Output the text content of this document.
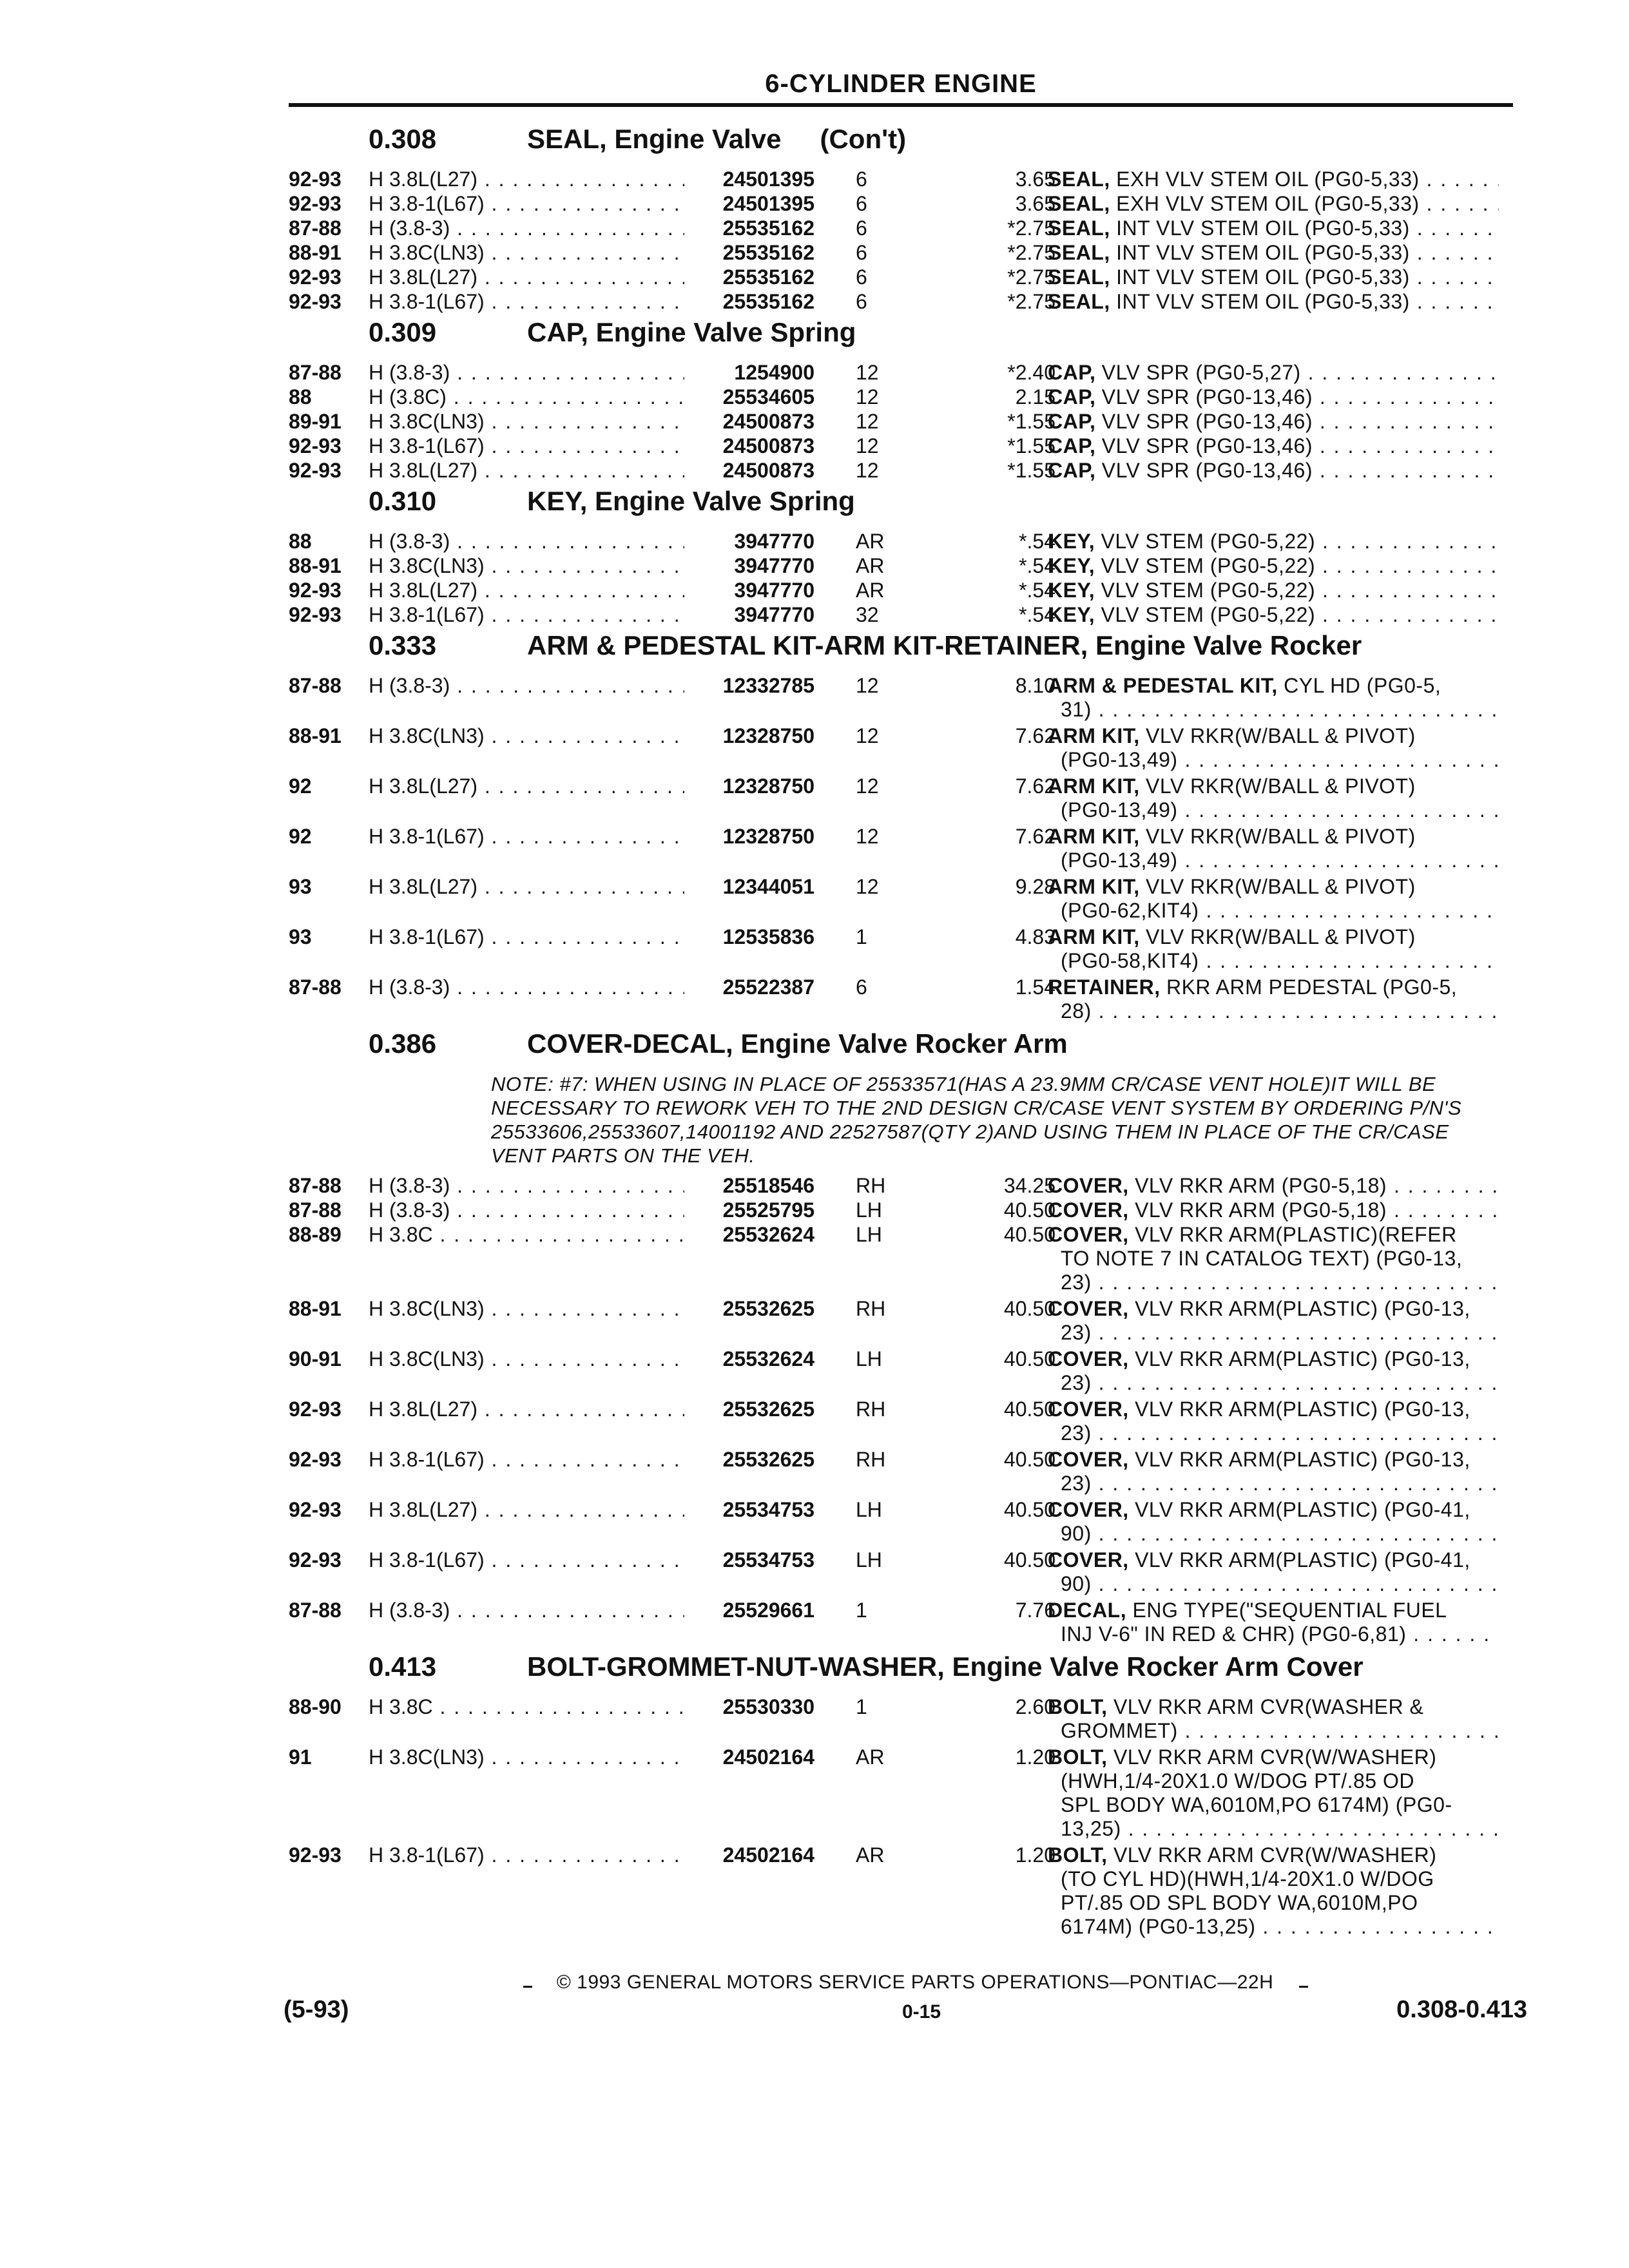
6-CYLINDER ENGINE
0.308	SEAL, Engine Valve (Con't)
92-93 H 3.8L(L27) . . .	24501395 6	3.65
SEAL, EXH VLV STEM OIL (PG0-5,33) . . .
92-93 H 3.8-1(L67) . . .	24501395 6	3.65
SEAL, EXH VLV STEM OIL (PG0-5,33) . . .
87-88 H (3.8-3) . . .	25535162 6	*2.75
SEAL, INT VLV STEM OIL (PG0-5,33) . . .
88-91 H 3.8C(LN3) . . .	25535162 6	*2.75
SEAL, INT VLV STEM OIL (PG0-5,33) . . .
92-93 H 3.8L(L27) . . .	25535162 6	*2.75
SEAL, INT VLV STEM OIL (PG0-5,33) . . .
92-93 H 3.8-1(L67) . . .	25535162 6	*2.75
SEAL, INT VLV STEM OIL (PG0-5,33) . . .
0.309	CAP, Engine Valve Spring
87-88 H (3.8-3) . . .	1254900 12	*2.40
CAP, VLV SPR (PG0-5,27) . . .
88	H (3.8C) . . .	25534605 12	2.15
CAP, VLV SPR (PG0-13,46) . . .
89-91 H 3.8C(LN3) . . .	24500873 12	*1.55
CAP, VLV SPR (PG0-13,46) . . .
92-93 H 3.8-1(L67) . . .	24500873 12	*1.55
CAP, VLV SPR (PG0-13,46) . . .
92-93 H 3.8L(L27) . . .	24500873 12	*1.55
CAP, VLV SPR (PG0-13,46) . . .
0.310	KEY, Engine Valve Spring
88	H (3.8-3) . . .	3947770 AR	*.54
KEY, VLV STEM (PG0-5,22) . . .
88-91 H 3.8C(LN3) . . .	3947770 AR	*.54
KEY, VLV STEM (PG0-5,22) . . .
92-93 H 3.8L(L27) . . .	3947770 AR	*.54
KEY, VLV STEM (PG0-5,22) . . .
92-93 H 3.8-1(L67) . . .	3947770 32	*.54
KEY, VLV STEM (PG0-5,22) . . .
0.333	ARM & PEDESTAL KIT-ARM KIT-RETAINER, Engine Valve Rocker
87-88 H (3.8-3) . . .	12332785 12	8.10
ARM & PEDESTAL KIT, CYL HD (PG0-5,
31) . . .
88-91 H 3.8C(LN3) . . .	12328750 12	7.62
ARM KIT, VLV RKR(W/BALL & PIVOT)
(PG0-13,49) . . .
92	H 3.8L(L27) . . .	12328750 12	7.62
ARM KIT, VLV RKR(W/BALL & PIVOT)
(PG0-13,49) . . .
92	H 3.8-1(L67) . . .	12328750 12	7.62
ARM KIT, VLV RKR(W/BALL & PIVOT)
(PG0-13,49) . . .
93	H 3.8L(L27) . . .	12344051 12	9.28
ARM KIT, VLV RKR(W/BALL & PIVOT)
(PG0-62,KIT4) . . .
93	H 3.8-1(L67) . . .	12535836 1	4.83
ARM KIT, VLV RKR(W/BALL & PIVOT)
(PG0-58,KIT4) . . .
87-88 H (3.8-3) . . .	25522387 6	1.54
RETAINER, RKR ARM PEDESTAL (PG0-5,
28) . . .
0.386	COVER-DECAL, Engine Valve Rocker Arm
NOTE: #7: WHEN USING IN PLACE OF 25533571(HAS A 23.9MM CR/CASE VENT HOLE)IT WILL BE NECESSARY TO REWORK VEH TO THE 2ND DESIGN CR/CASE VENT SYSTEM BY ORDERING P/N'S 25533606,25533607,14001192 AND 22527587(QTY 2)AND USING THEM IN PLACE OF THE CR/CASE VENT PARTS ON THE VEH.
87-88 H (3.8-3) . . .	25518546 RH	34.25
COVER, VLV RKR ARM (PG0-5,18) . . .
87-88 H (3.8-3) . . .	25525795 LH	40.50
COVER, VLV RKR ARM (PG0-5,18) . . .
88-89 H 3.8C . . .	25532624 LH	40.50
COVER, VLV RKR ARM(PLASTIC)(REFER
TO NOTE 7 IN CATALOG TEXT) (PG0-13,
23) . . .
88-91 H 3.8C(LN3) . . .	25532625 RH	40.50
COVER, VLV RKR ARM(PLASTIC) (PG0-13,
23) . . .
90-91 H 3.8C(LN3) . . .	25532624 LH	40.50
COVER, VLV RKR ARM(PLASTIC) (PG0-13,
23) . . .
92-93 H 3.8L(L27) . . .	25532625 RH	40.50
COVER, VLV RKR ARM(PLASTIC) (PG0-13,
23) . . .
92-93 H 3.8-1(L67) . . .	25532625 RH	40.50
COVER, VLV RKR ARM(PLASTIC) (PG0-13,
23) . . .
92-93 H 3.8L(L27) . . .	25534753 LH	40.50
COVER, VLV RKR ARM(PLASTIC) (PG0-41,
90) . . .
92-93 H 3.8-1(L67) . . .	25534753 LH	40.50
COVER, VLV RKR ARM(PLASTIC) (PG0-41,
90) . . .
87-88 H (3.8-3) . . .	25529661 1	7.76
DECAL, ENG TYPE("SEQUENTIAL FUEL
INJ V-6" IN RED & CHR) (PG0-6,81) . . .
0.413	BOLT-GROMMET-NUT-WASHER, Engine Valve Rocker Arm Cover
88-90 H 3.8C . . .	25530330 1	2.60
BOLT, VLV RKR ARM CVR(WASHER &
GROMMET) . . .
91	H 3.8C(LN3) . . .	24502164 AR	1.20
BOLT, VLV RKR ARM CVR(W/WASHER)
(HWH,1/4-20X1.0 W/DOG PT/.85 OD
SPL BODY WA,6010M,PO 6174M) (PG0-
13,25) . . .
92-93 H 3.8-1(L67) . . .	24502164 AR	1.20
BOLT, VLV RKR ARM CVR(W/WASHER)
(TO CYL HD)(HWH,1/4-20X1.0 W/DOG
PT/.85 OD SPL BODY WA,6010M,PO
6174M) (PG0-13,25) . . .
© 1993 GENERAL MOTORS SERVICE PARTS OPERATIONS—PONTIAC—22H
(5-93)	0-15	0.308-0.413
